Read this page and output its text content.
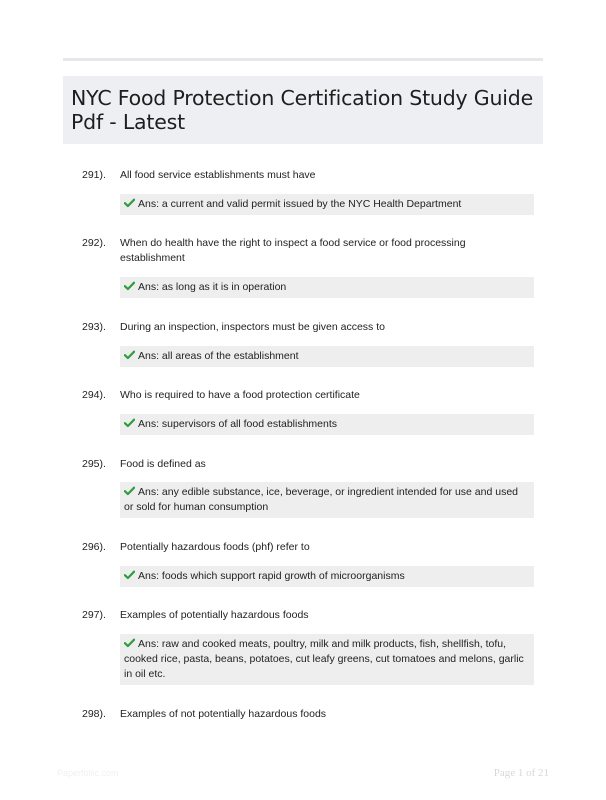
NYC Food Protection Certification Study Guide Pdf - Latest
291). All food service establishments must have
Ans: a current and valid permit issued by the NYC Health Department
292). When do health have the right to inspect a food service or food processing establishment
Ans: as long as it is in operation
293). During an inspection, inspectors must be given access to
Ans: all areas of the establishment
294). Who is required to have a food protection certificate
Ans: supervisors of all food establishments
295). Food is defined as
Ans: any edible substance, ice, beverage, or ingredient intended for use and used or sold for human consumption
296). Potentially hazardous foods (phf) refer to
Ans: foods which support rapid growth of microorganisms
297). Examples of potentially hazardous foods
Ans: raw and cooked meats, poultry, milk and milk products, fish, shellfish, tofu, cooked rice, pasta, beans, potatoes, cut leafy greens, cut tomatoes and melons, garlic in oil etc.
298). Examples of not potentially hazardous foods
Paperfoliic.com	Page 1 of 21
